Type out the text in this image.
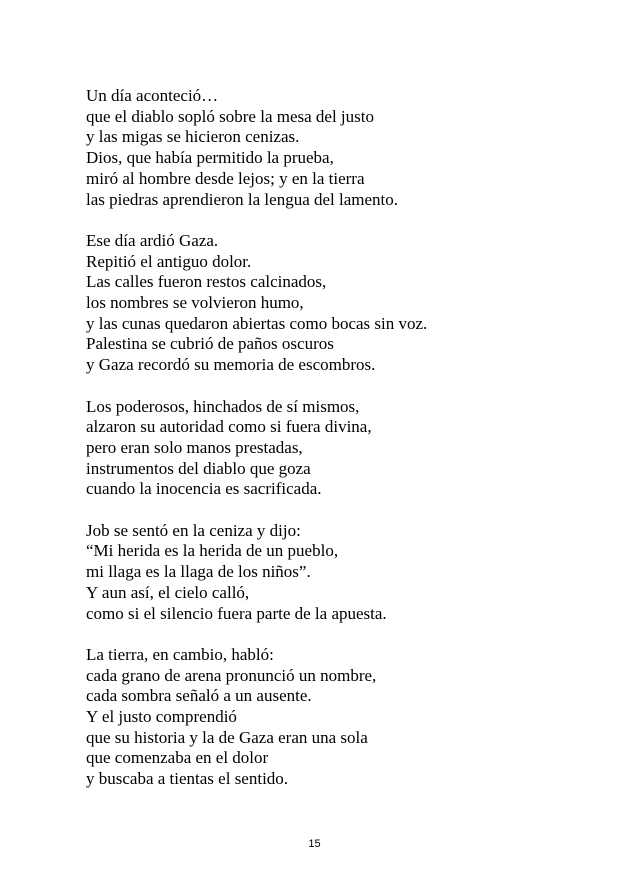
Un día aconteció…
que el diablo sopló sobre la mesa del justo
y las migas se hicieron cenizas.
Dios, que había permitido la prueba,
miró al hombre desde lejos; y en la tierra
las piedras aprendieron la lengua del lamento.
Ese día ardió Gaza.
Repitió el antiguo dolor.
Las calles fueron restos calcinados,
los nombres se volvieron humo,
y las cunas quedaron abiertas como bocas sin voz.
Palestina se cubrió de paños oscuros
y Gaza recordó su memoria de escombros.
Los poderosos, hinchados de sí mismos,
alzaron su autoridad como si fuera divina,
pero eran solo manos prestadas,
instrumentos del diablo que goza
cuando la inocencia es sacrificada.
Job se sentó en la ceniza y dijo:
“Mi herida es la herida de un pueblo,
mi llaga es la llaga de los niños”.
Y aun así, el cielo calló,
como si el silencio fuera parte de la apuesta.
La tierra, en cambio, habló:
cada grano de arena pronunció un nombre,
cada sombra señaló a un ausente.
Y el justo comprendió
que su historia y la de Gaza eran una sola
que comenzaba en el dolor
y buscaba a tientas el sentido.
15
